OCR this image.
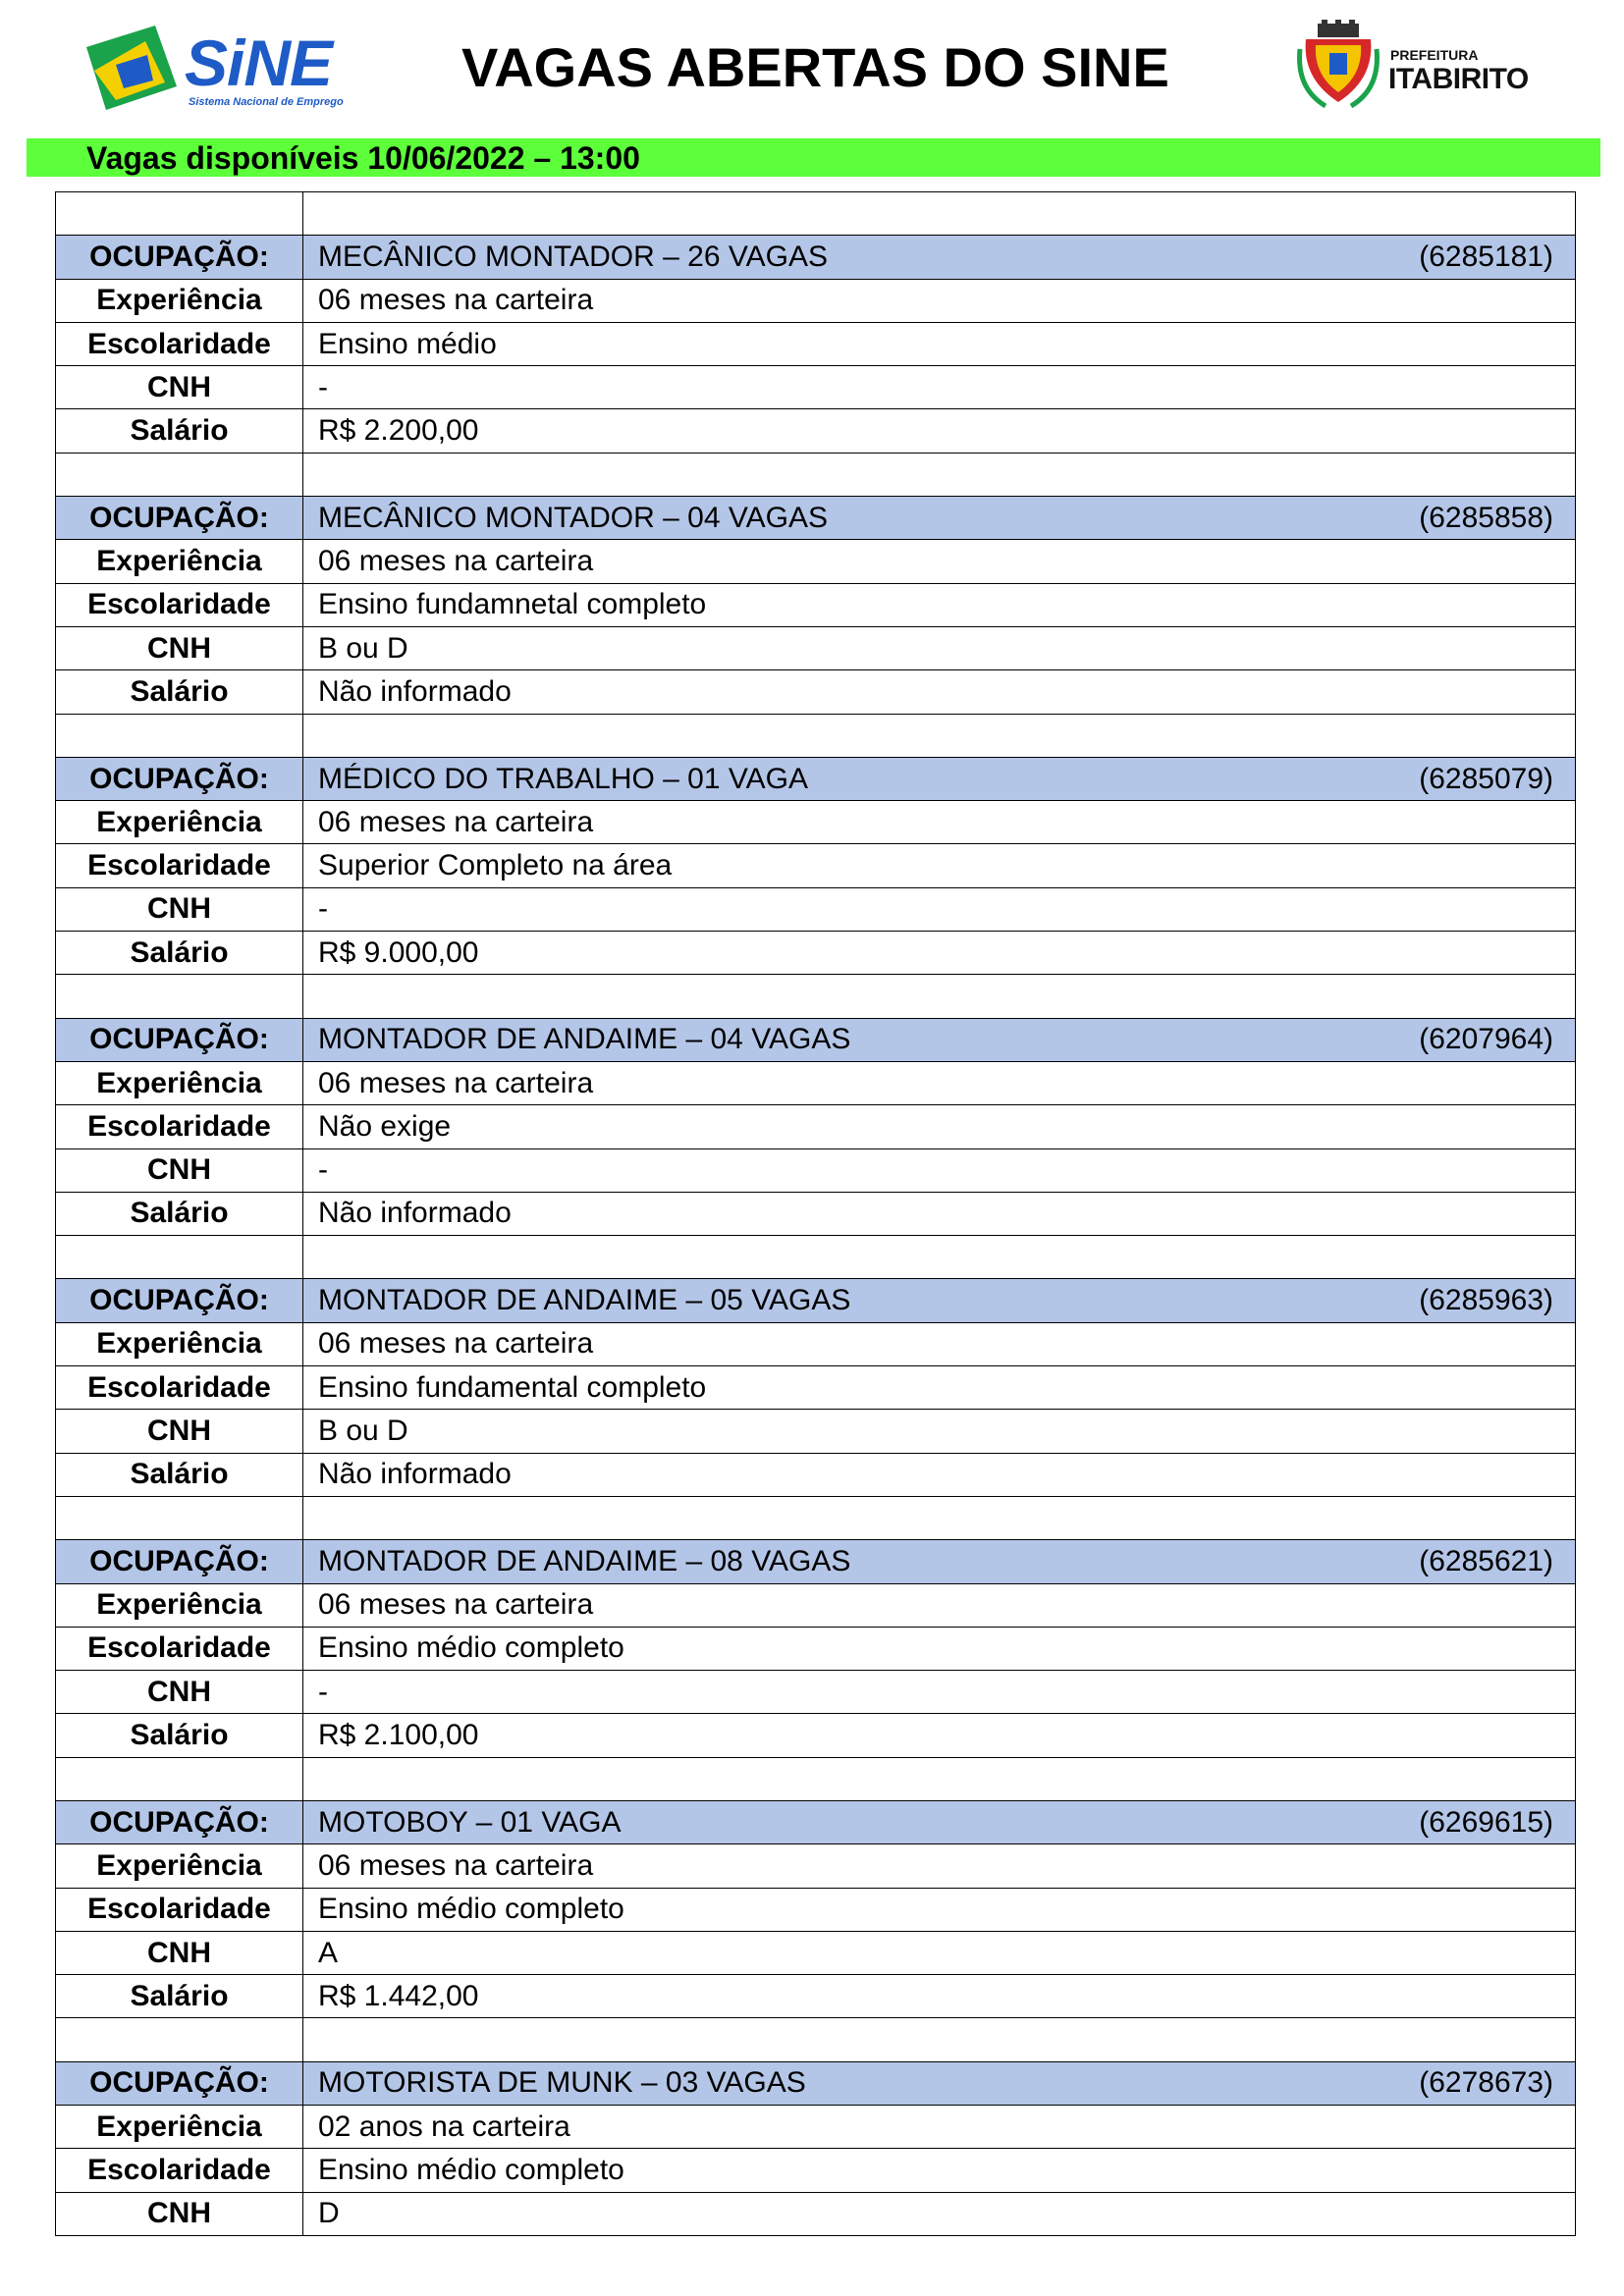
SiNE
Sistema Nacional de Emprego
VAGAS ABERTAS DO SINE	PREFEITURA
ITABIRITO
Vagas disponíveis 10/06/2022 – 13:00

OCUPAÇÃO:	MECÂNICO MONTADOR – 26 VAGAS (6285181)

Experiência	06 meses na carteira
Escolaridade	Ensino médio
CNH	-
Salário	R$ 2.200,00

OCUPAÇÃO:	MECÂNICO MONTADOR – 04 VAGAS (6285858)

Experiência	06 meses na carteira
Escolaridade	Ensino fundamnetal completo
CNH	B ou D
Salário	Não informado

OCUPAÇÃO:	MÉDICO DO TRABALHO – 01 VAGA (6285079)

Experiência	06 meses na carteira
Escolaridade	Superior Completo na área
CNH	-
Salário	R$ 9.000,00

OCUPAÇÃO:	MONTADOR DE ANDAIME – 04 VAGAS (6207964)

Experiência	06 meses na carteira
Escolaridade	Não exige
CNH	-
Salário	Não informado

OCUPAÇÃO:	MONTADOR DE ANDAIME – 05 VAGAS (6285963)

Experiência	06 meses na carteira
Escolaridade	Ensino fundamental completo
CNH	B ou D
Salário	Não informado

OCUPAÇÃO:	MONTADOR DE ANDAIME – 08 VAGAS (6285621)

Experiência	06 meses na carteira
Escolaridade	Ensino médio completo
CNH	-
Salário	R$ 2.100,00

OCUPAÇÃO:	MOTOBOY – 01 VAGA (6269615)

Experiência	06 meses na carteira
Escolaridade	Ensino médio completo
CNH	A
Salário	R$ 1.442,00

OCUPAÇÃO:	MOTORISTA DE MUNK – 03 VAGAS (6278673)

Experiência	02 anos na carteira
Escolaridade	Ensino médio completo
CNH	D
